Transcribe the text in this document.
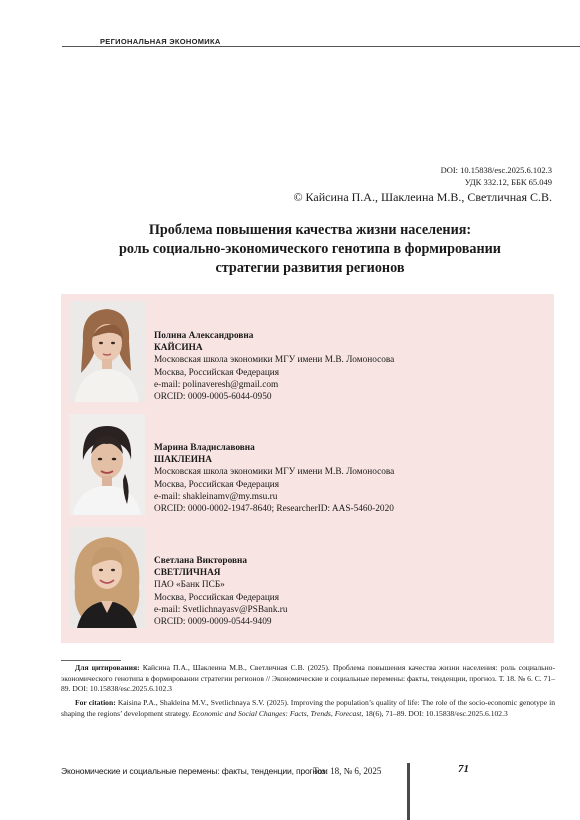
РЕГИОНАЛЬНАЯ ЭКОНОМИКА
DOI: 10.15838/esc.2025.6.102.3
УДК 332.12, ББК 65.049
© Кайсина П.А., Шаклеина М.В., Светличная С.В.
Проблема повышения качества жизни населения:
роль социально-экономического генотипа в формировании
стратегии развития регионов
Полина Александровна
КАЙСИНА
Московская школа экономики МГУ имени М.В. Ломоносова
Москва, Российская Федерация
e-mail: polinaveresh@gmail.com
ORCID: 0009-0005-6044-0950
Марина Владиславовна
ШАКЛЕИНА
Московская школа экономики МГУ имени М.В. Ломоносова
Москва, Российская Федерация
e-mail: shakleinamv@my.msu.ru
ORCID: 0000-0002-1947-8640; ResearcherID: AAS-5460-2020
Светлана Викторовна
СВЕТЛИЧНАЯ
ПАО «Банк ПСБ»
Москва, Российская Федерация
e-mail: Svetlichnayasv@PSBank.ru
ORCID: 0009-0009-0544-9409
Для цитирования: Кайсина П.А., Шаклеина М.В., Светличная С.В. (2025). Проблема повышения качества жизни населения: роль социально-экономического генотипа в формировании стратегии регионов // Экономические и социальные перемены: факты, тенденции, прогноз. Т. 18. № 6. С. 71–89. DOI: 10.15838/esc.2025.6.102.3
For citation: Kaisina P.A., Shakleina M.V., Svetlichnaya S.V. (2025). Improving the population’s quality of life: The role of the socio-economic genotype in shaping the regions’ development strategy. Economic and Social Changes: Facts, Trends, Forecast, 18(6), 71–89. DOI: 10.15838/esc.2025.6.102.3
Экономические и социальные перемены: факты, тенденции, прогноз
Том 18, № 6, 2025	71
